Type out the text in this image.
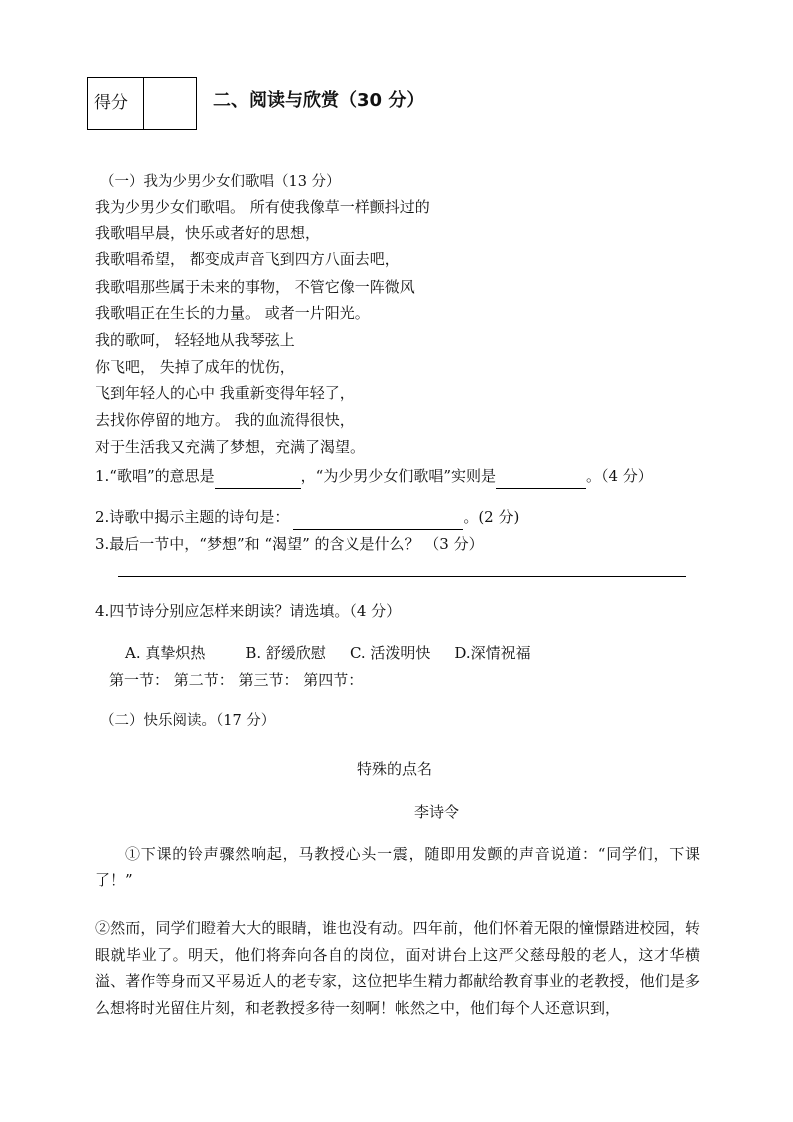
得分	二、阅读与欣赏（30 分）
（一）我为少男少女们歌唱（13 分）
我为少男少女们歌唱。 所有使我像草一样颤抖过的
我歌唱早晨，快乐或者好的思想，
我歌唱希望， 都变成声音飞到四方八面去吧，
我歌唱那些属于未来的事物， 不管它像一阵微风
我歌唱正在生长的力量。 或者一片阳光。
我的歌呵， 轻轻地从我琴弦上
你飞吧， 失掉了成年的忧伤，
飞到年轻人的心中 我重新变得年轻了，
去找你停留的地方。 我的血流得很快，
对于生活我又充满了梦想，充满了渴望。
1.“歌唱”的意思是	，“为少男少女们歌唱”实则是	。（4 分）
2.诗歌中揭示主题的诗句是：	。(2 分)
3.最后一节中，“梦想”和 “渴望” 的含义是什么？ （3 分）
4.四节诗分别应怎样来朗读？请选填。（4 分）
A. 真挚炽热	B. 舒缓欣慰 C. 活泼明快 D.深情祝福
第一节： 第二节： 第三节： 第四节：
（二）快乐阅读。（17 分）
特殊的点名
李诗令
①下课的铃声骤然响起，马教授心头一震，随即用发颤的声音说道：“同学们，下课了！”
②然而，同学们瞪着大大的眼睛，谁也没有动。四年前，他们怀着无限的憧憬踏进校园，转眼就毕业了。明天，他们将奔向各自的岗位，面对讲台上这严父慈母般的老人，这才华横溢、著作等身而又平易近人的老专家，这位把毕生精力都献给教育事业的老教授，他们是多么想将时光留住片刻，和老教授多待一刻啊！帐然之中，他们每个人还意识到，
